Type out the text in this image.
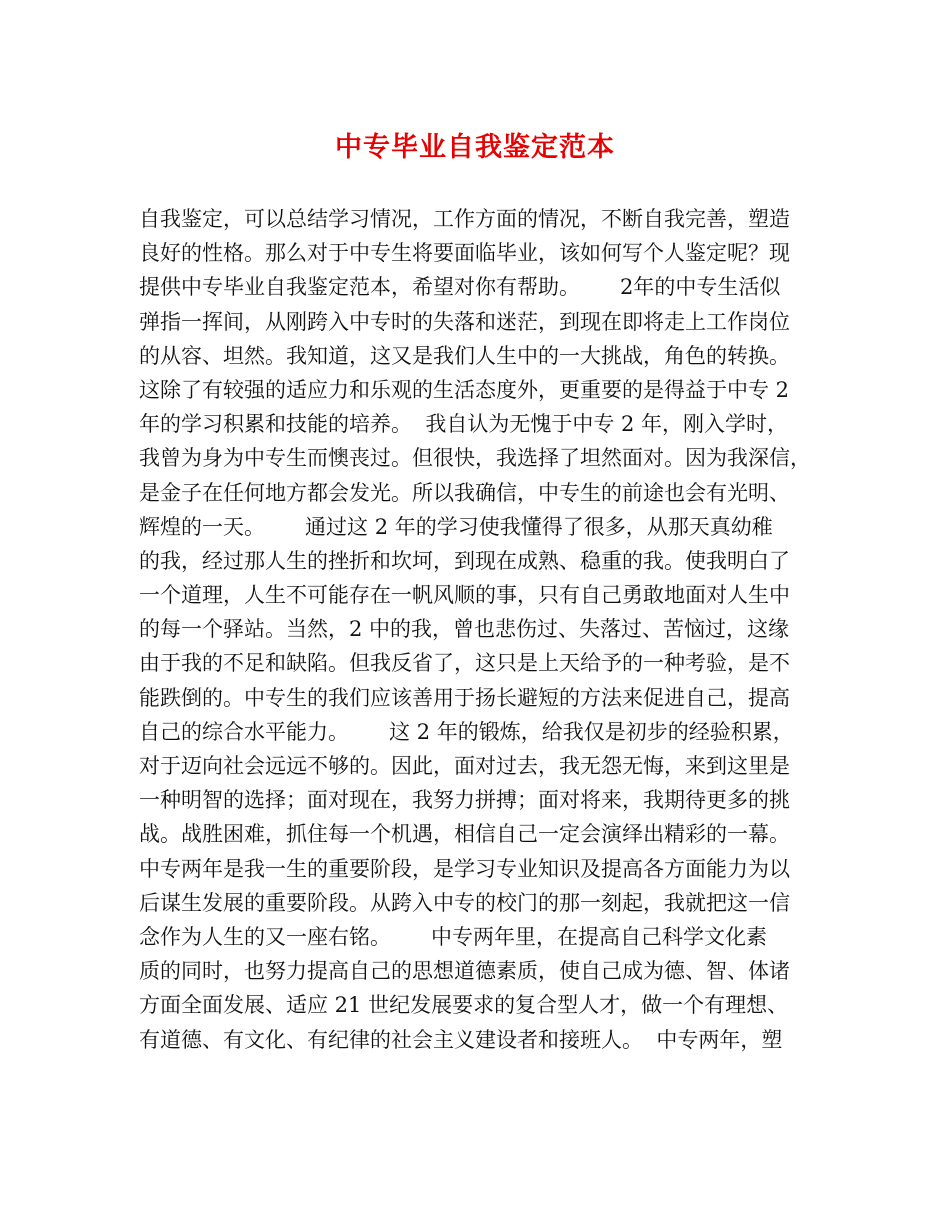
中专毕业自我鉴定范本
自我鉴定，可以总结学习情况，工作方面的情况，不断自我完善，塑造
良好的性格。那么对于中专生将要面临毕业，该如何写个人鉴定呢？现
提供中专毕业自我鉴定范本，希望对你有帮助。      2年的中专生活似
弹指一挥间，从刚跨入中专时的失落和迷茫，到现在即将走上工作岗位
的从容、坦然。我知道，这又是我们人生中的一大挑战，角色的转换。
这除了有较强的适应力和乐观的生活态度外，更重要的是得益于中专 2
年的学习积累和技能的培养。  我自认为无愧于中专 2 年，刚入学时，
我曾为身为中专生而懊丧过。但很快，我选择了坦然面对。因为我深信，
是金子在任何地方都会发光。所以我确信，中专生的前途也会有光明、
辉煌的一天。      通过这 2 年的学习使我懂得了很多，从那天真幼稚
的我，经过那人生的挫折和坎坷，到现在成熟、稳重的我。使我明白了
一个道理，人生不可能存在一帆风顺的事，只有自己勇敢地面对人生中
的每一个驿站。当然，2 中的我，曾也悲伤过、失落过、苦恼过，这缘
由于我的不足和缺陷。但我反省了，这只是上天给予的一种考验，是不
能跌倒的。中专生的我们应该善用于扬长避短的方法来促进自己，提高
自己的综合水平能力。      这 2 年的锻炼，给我仅是初步的经验积累，
对于迈向社会远远不够的。因此，面对过去，我无怨无悔，来到这里是
一种明智的选择；面对现在，我努力拼搏；面对将来，我期待更多的挑
战。战胜困难，抓住每一个机遇，相信自己一定会演绎出精彩的一幕。
中专两年是我一生的重要阶段，是学习专业知识及提高各方面能力为以
后谋生发展的重要阶段。从跨入中专的校门的那一刻起，我就把这一信
念作为人生的又一座右铭。      中专两年里，在提高自己科学文化素
质的同时，也努力提高自己的思想道德素质，使自己成为德、智、体诸
方面全面发展、适应 21 世纪发展要求的复合型人才，做一个有理想、
有道德、有文化、有纪律的社会主义建设者和接班人。  中专两年，塑
